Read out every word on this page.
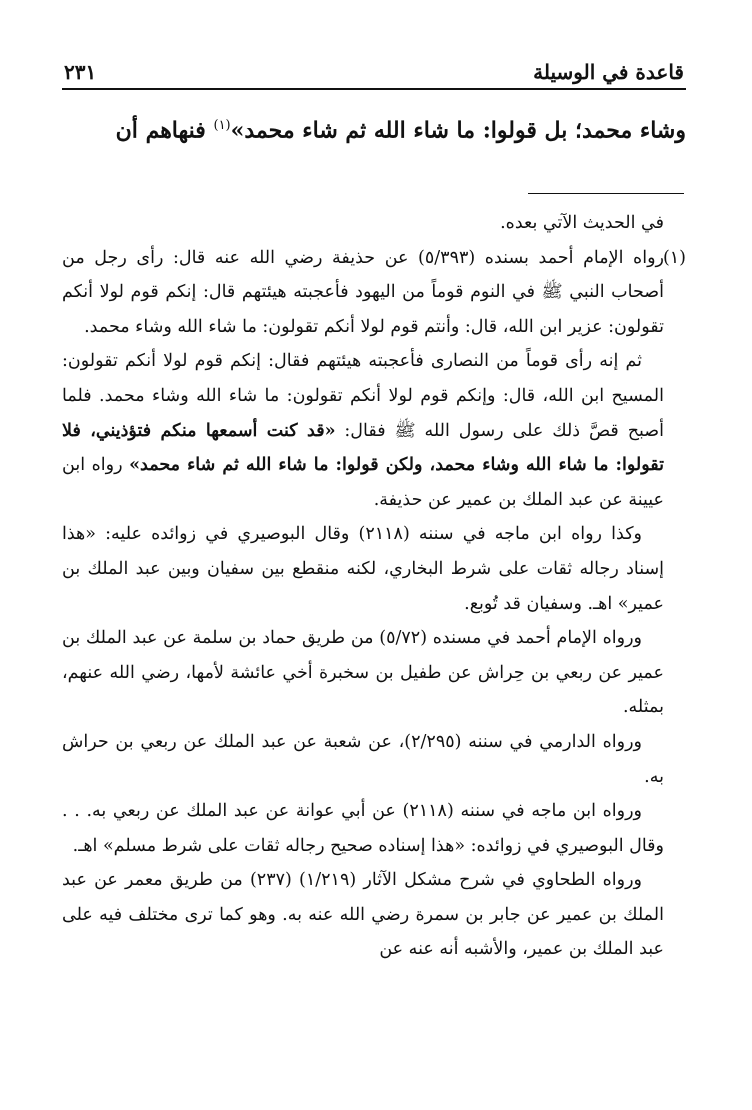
قاعدة في الوسيلة
٢٣١
وشاء محمد؛ بل قولوا: ما شاء الله ثم شاء محمد»$^{(١)}$ فنهاهم أن

في الحديث الآتي بعده.

(١)
رواه الإمام أحمد بسنده (٥/٣٩٣) عن حذيفة رضي الله عنه قال: رأى رجل من أصحاب النبي ﷺ في النوم قوماً من اليهود فأعجبته هيئتهم قال: إنكم قوم لولا أنكم تقولون: عزير ابن الله، قال: وأنتم قوم لولا أنكم تقولون: ما شاء الله وشاء محمد.

ثم إنه رأى قوماً من النصارى فأعجبته هيئتهم فقال: إنكم قوم لولا أنكم تقولون: المسيح ابن الله، قال: وإنكم قوم لولا أنكم تقولون: ما شاء الله وشاء محمد. فلما أصبح قصَّ ذلك على رسول الله ﷺ فقال: «قد كنت أسمعها منكم فتؤذيني، فلا تقولوا: ما شاء الله وشاء محمد، ولكن قولوا: ما شاء الله ثم شاء محمد» رواه ابن عيينة عن عبد الملك بن عمير عن حذيفة.

وكذا رواه ابن ماجه في سننه (٢١١٨) وقال البوصيري في زوائده عليه: «هذا إسناد رجاله ثقات على شرط البخاري، لكنه منقطع بين سفيان وبين عبد الملك بن عمير» اهـ. وسفيان قد تُوبع.

ورواه الإمام أحمد في مسنده (٥/٧٢) من طريق حماد بن سلمة عن عبد الملك بن عمير عن ربعي بن حِراش عن طفيل بن سخبرة أخي عائشة لأمها، رضي الله عنهم، بمثله.

ورواه الدارمي في سننه (٢/٢٩٥)، عن شعبة عن عبد الملك عن ربعي بن حراش به.

ورواه ابن ماجه في سننه (٢١١٨) عن أبي عوانة عن عبد الملك عن ربعي به. . . وقال البوصيري في زوائده: «هذا إسناده صحيح رجاله ثقات على شرط مسلم» اهـ.

ورواه الطحاوي في شرح مشكل الآثار (١/٢١٩) (٢٣٧) من طريق معمر عن عبد الملك بن عمير عن جابر بن سمرة رضي الله عنه به. وهو كما ترى مختلف فيه على عبد الملك بن عمير، والأشبه أنه عنه عن
